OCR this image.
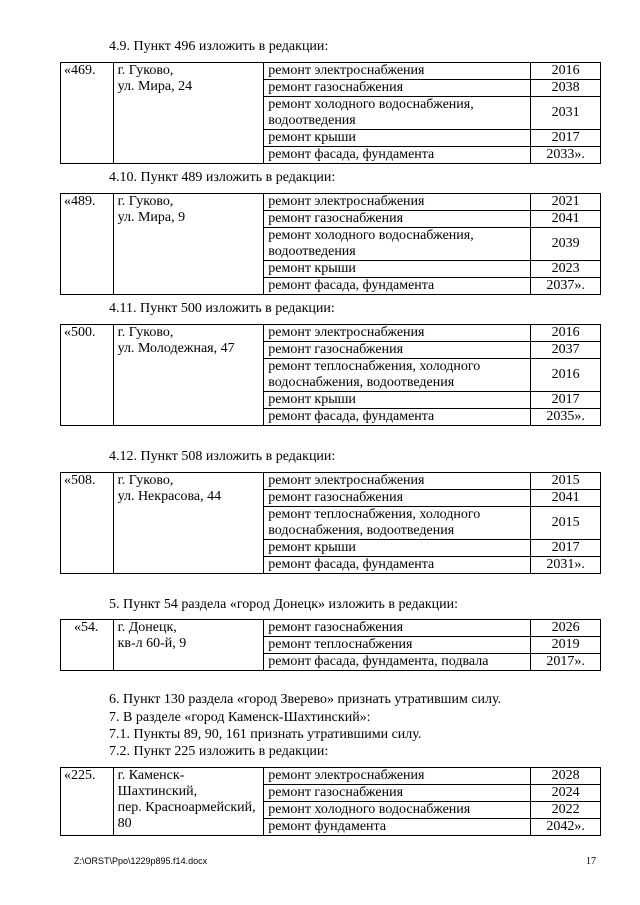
4.9. Пункт 496 изложить в редакции:
«469.	г. Гуково,
ул. Мира, 24	ремонт электроснабжения	2016
		ремонт газоснабжения	2038
		ремонт холодного водоснабжения, водоотведения	2031
		ремонт крыши	2017
		ремонт фасада, фундамента	2033».
4.10. Пункт 489 изложить в редакции:
«489.	г. Гуково,
ул. Мира, 9	ремонт электроснабжения	2021
		ремонт газоснабжения	2041
		ремонт холодного водоснабжения, водоотведения	2039
		ремонт крыши	2023
		ремонт фасада, фундамента	2037».
4.11. Пункт 500 изложить в редакции:
«500.	г. Гуково,
ул. Молодежная, 47	ремонт электроснабжения	2016
		ремонт газоснабжения	2037
		ремонт теплоснабжения, холодного водоснабжения, водоотведения	2016
		ремонт крыши	2017
		ремонт фасада, фундамента	2035».
4.12. Пункт 508 изложить в редакции:
«508.	г. Гуково,
ул. Некрасова, 44	ремонт электроснабжения	2015
		ремонт газоснабжения	2041
		ремонт теплоснабжения, холодного водоснабжения, водоотведения	2015
		ремонт крыши	2017
		ремонт фасада, фундамента	2031».
5. Пункт 54 раздела «город Донецк» изложить в редакции:
«54.	г. Донецк,
кв-л 60-й, 9	ремонт газоснабжения	2026
		ремонт теплоснабжения	2019
		ремонт фасада, фундамента, подвала	2017».
6. Пункт 130 раздела «город Зверево» признать утратившим силу.
7. В разделе «город Каменск-Шахтинский»:
7.1. Пункты 89, 90, 161 признать утратившими силу.
7.2. Пункт 225 изложить в редакции:
«225.	г. Каменск-
Шахтинский,
пер. Красноармейский,
80	ремонт электроснабжения	2028
		ремонт газоснабжения	2024
		ремонт холодного водоснабжения	2022
		ремонт фундамента	2042».
Z:\ORST\Ppo\1229p895.f14.docx	17
